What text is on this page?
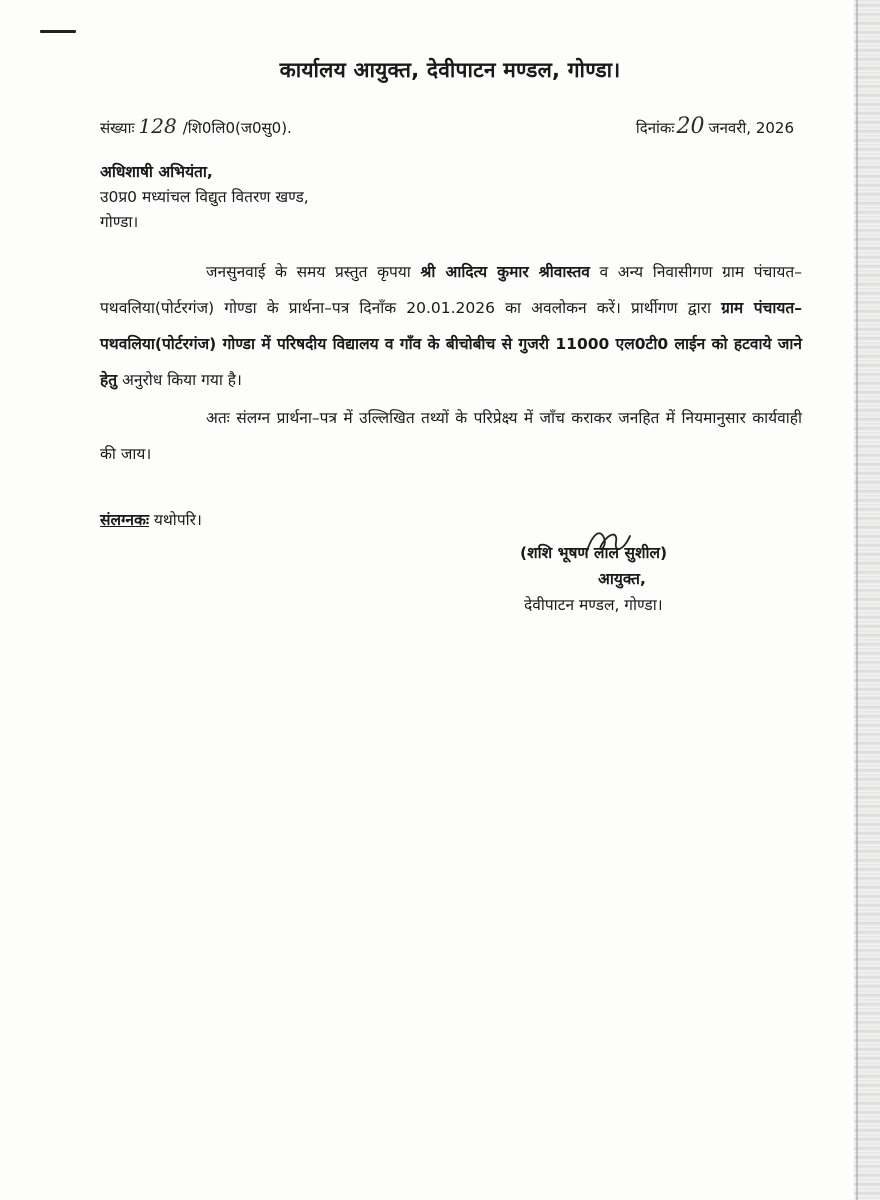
कार्यालय आयुक्त, देवीपाटन मण्डल, गोण्डा।
संख्याः 128 /शि0लि0(ज0सु0).	दिनांकः20 जनवरी, 2026
अधिशाषी अभियंता,
उ0प्र0 मध्यांचल विद्युत वितरण खण्ड,
गोण्डा।

जनसुनवाई के समय प्रस्तुत कृपया श्री आदित्य कुमार श्रीवास्तव व अन्य निवासीगण ग्राम पंचायत–पथवलिया(पोर्टरगंज) गोण्डा के प्रार्थना–पत्र दिनाँक 20.01.2026 का अवलोकन करें। प्रार्थीगण द्वारा ग्राम पंचायत–पथवलिया(पोर्टरगंज) गोण्डा में परिषदीय विद्यालय व गाँव के बीचोबीच से गुजरी 11000 एल0टी0 लाईन को हटवाये जाने हेतु अनुरोध किया गया है।

अतः संलग्न प्रार्थना–पत्र में उल्लिखित तथ्यों के परिप्रेक्ष्य में जाँच कराकर जनहित में नियमानुसार कार्यवाही की जाय।

संलग्नकः यथोपरि।
(शशि भूषण लाल सुशील)
आयुक्त,
देवीपाटन मण्डल, गोण्डा।
